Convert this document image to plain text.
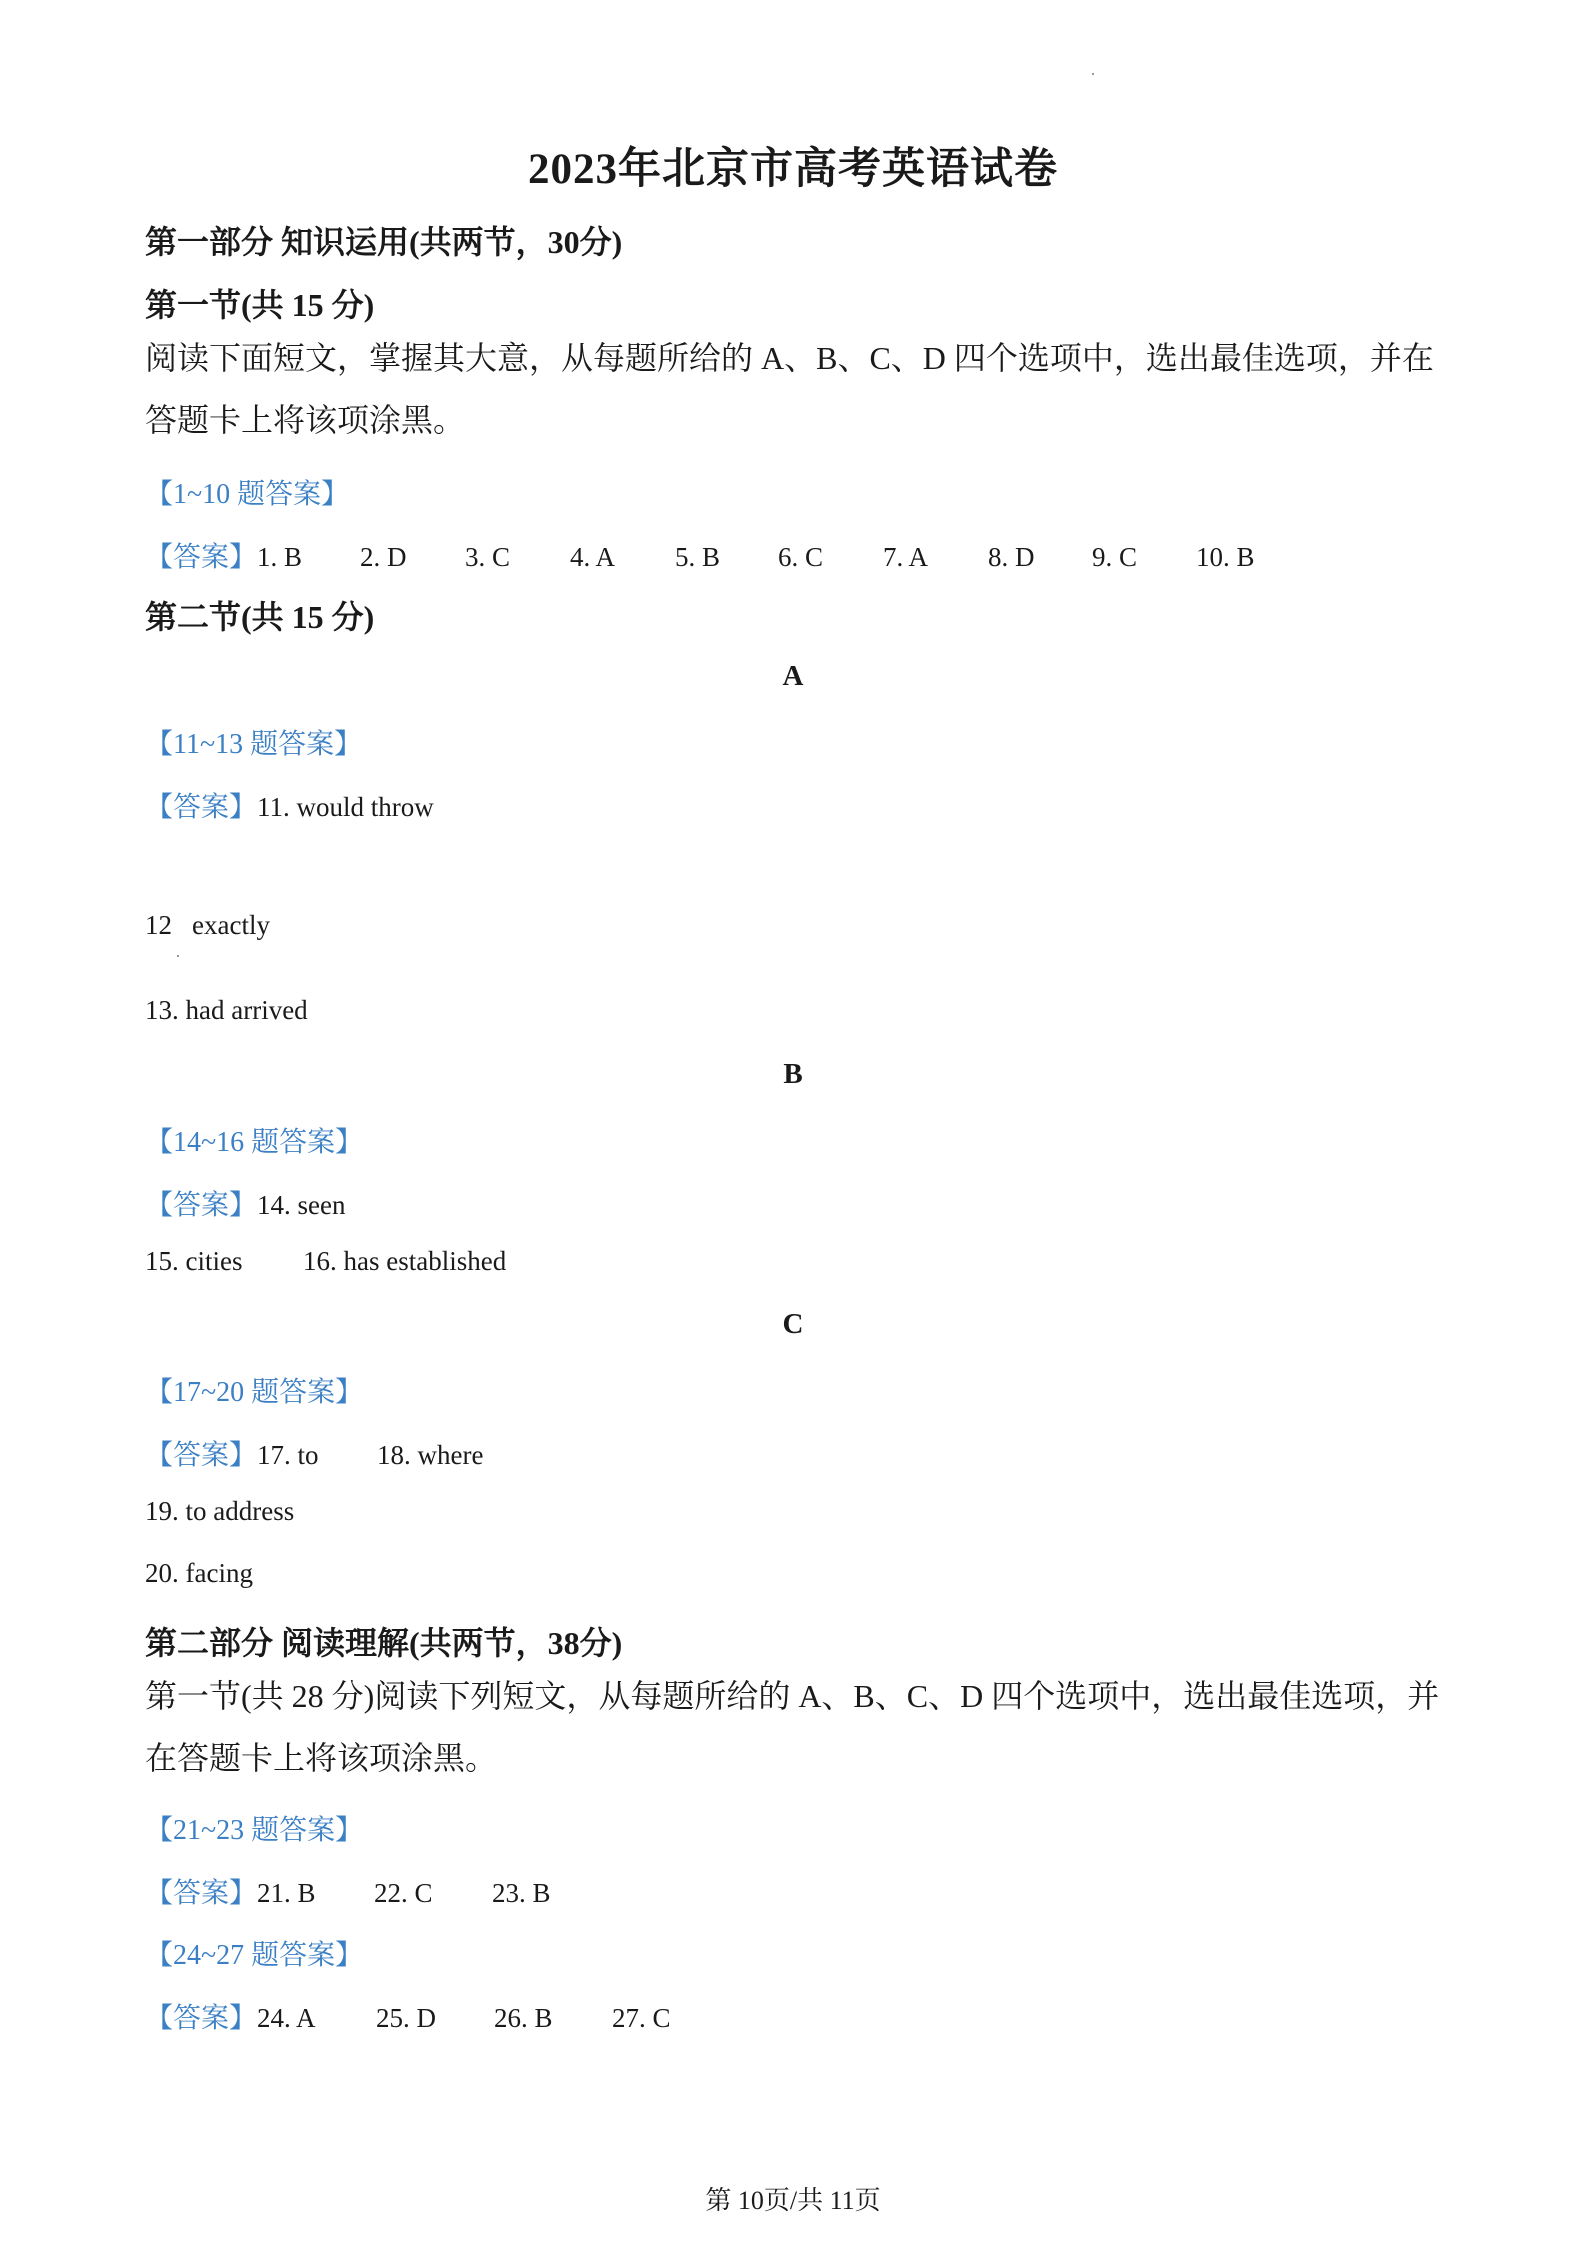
2023年北京市高考英语试卷
第一部分 知识运用(共两节，30分)
第一节(共 15 分)
阅读下面短文，掌握其大意，从每题所给的 A、B、C、D 四个选项中，选出最佳选项，并在答题卡上将该项涂黑。
【1~10 题答案】
【答案】1. B 2. D 3. C 4. A 5. B 6. C 7. A 8. D 9. C 10. B
第二节(共 15 分)
A
【11~13 题答案】
【答案】11. would throw
12 exactly
13. had arrived
B
【14~16 题答案】
【答案】14. seen
15. cities 16. has established
C
【17~20 题答案】
【答案】17. to 18. where
19. to address
20. facing
第二部分 阅读理解(共两节，38分)
第一节(共 28 分)阅读下列短文，从每题所给的 A、B、C、D 四个选项中，选出最佳选项，并在答题卡上将该项涂黑。
【21~23 题答案】
【答案】21. B 22. C 23. B
【24~27 题答案】
【答案】24. A 25. D 26. B 27. C
第 10页/共 11页
